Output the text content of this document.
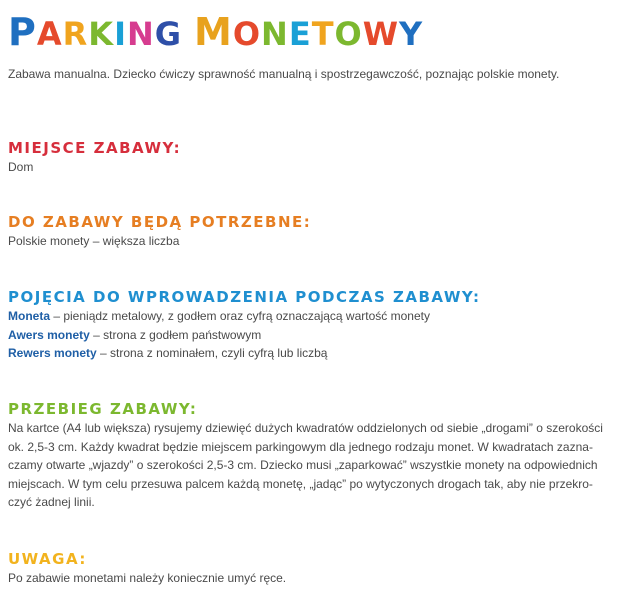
PARKING MONETOWY
Zabawa manualna. Dziecko ćwiczy sprawność manualną i spostrzegawczość, poznając polskie monety.
MIEJSCE ZABAWY:

Dom

DO ZABAWY BĘDĄ POTRZEBNE:

Polskie monety – większa liczba

POJĘCIA DO WPROWADZENIA PODCZAS ZABAWY:

Moneta – pieniądz metalowy, z godłem oraz cyfrą oznaczającą wartość monety

Awers monety – strona z godłem państwowym

Rewers monety – strona z nominałem, czyli cyfrą lub liczbą

PRZEBIEG ZABAWY:

Na kartce (A4 lub większa) rysujemy dziewięć dużych kwadratów oddzielonych od siebie „drogami” o szerokości

ok. 2,5-3 cm. Każdy kwadrat będzie miejscem parkingowym dla jednego rodzaju monet. W kwadratach zazna-

czamy otwarte „wjazdy” o szerokości 2,5-3 cm. Dziecko musi „zaparkować” wszystkie monety na odpowiednich

miejscach. W tym celu przesuwa palcem każdą monetę, „jadąc” po wytyczonych drogach tak, aby nie przekro-

czyć żadnej linii.

UWAGA:

Po zabawie monetami należy koniecznie umyć ręce.
